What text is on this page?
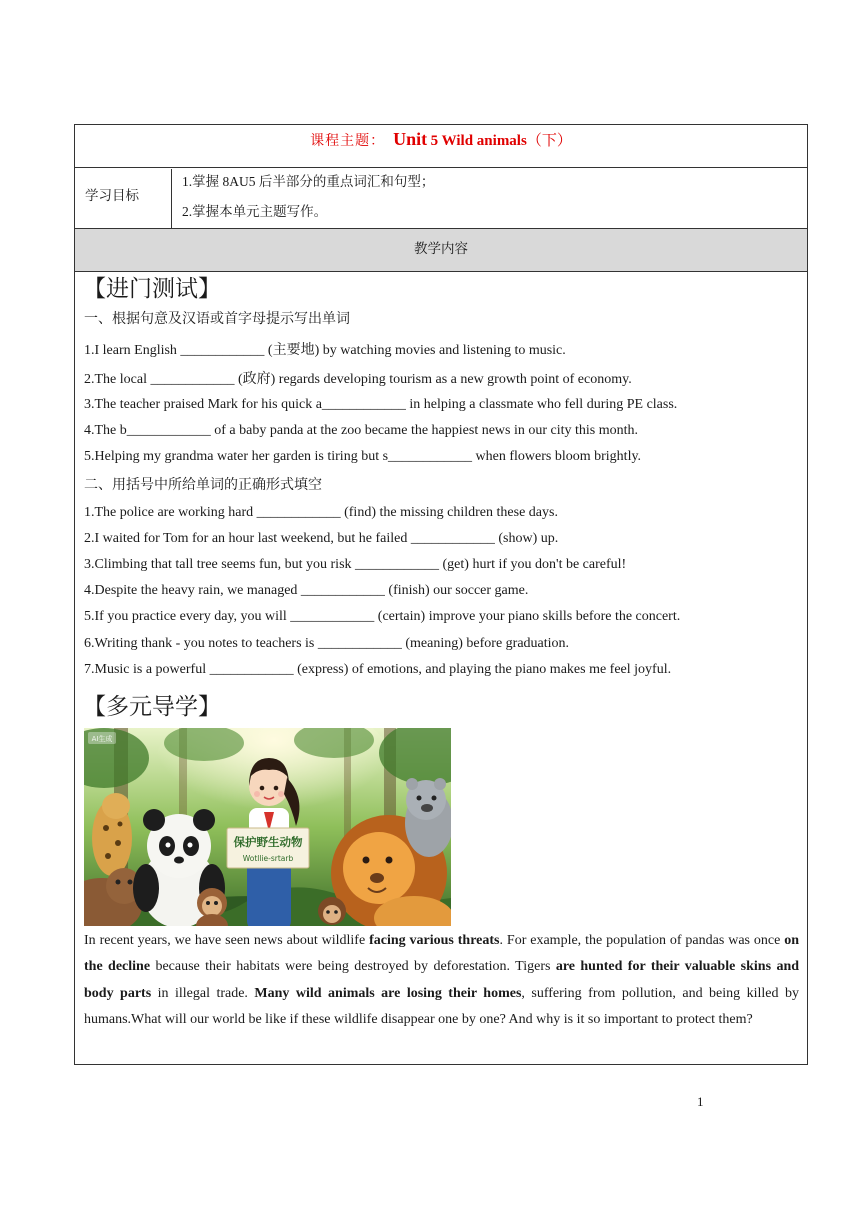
课程主题： Unit 5 Wild animals（下）
学习目标
1.掌握 8AU5 后半部分的重点词汇和句型；
2.掌握本单元主题写作。
教学内容
【进门测试】
一、根据句意及汉语或首字母提示写出单词
1.I learn English ____________ (主要地) by watching movies and listening to music.
2.The local ____________ (政府) regards developing tourism as a new growth point of economy.
3.The teacher praised Mark for his quick a____________ in helping a classmate who fell during PE class.
4.The b____________ of a baby panda at the zoo became the happiest news in our city this month.
5.Helping my grandma water her garden is tiring but s____________ when flowers bloom brightly.
二、用括号中所给单词的正确形式填空
1.The police are working hard ____________ (find) the missing children these days.
2.I waited for Tom for an hour last weekend, but he failed ____________ (show) up.
3.Climbing that tall tree seems fun, but you risk ____________ (get) hurt if you don't be careful!
4.Despite the heavy rain, we managed ____________ (finish) our soccer game.
5.If you practice every day, you will ____________ (certain) improve your piano skills before the concert.
6.Writing thank - you notes to teachers is ____________ (meaning) before graduation.
7.Music is a powerful ____________ (express) of emotions, and playing the piano makes me feel joyful.
【多元导学】
保护野生动物
Wotllie-srtarb
AI生成
In recent years, we have seen news about wildlife facing various threats. For example, the population of pandas was once on the decline because their habitats were being destroyed by deforestation. Tigers are hunted for their valuable skins and body parts in illegal trade. Many wild animals are losing their homes, suffering from pollution, and being killed by humans.What will our world be like if these wildlife disappear one by one? And why is it so important to protect them?
1
